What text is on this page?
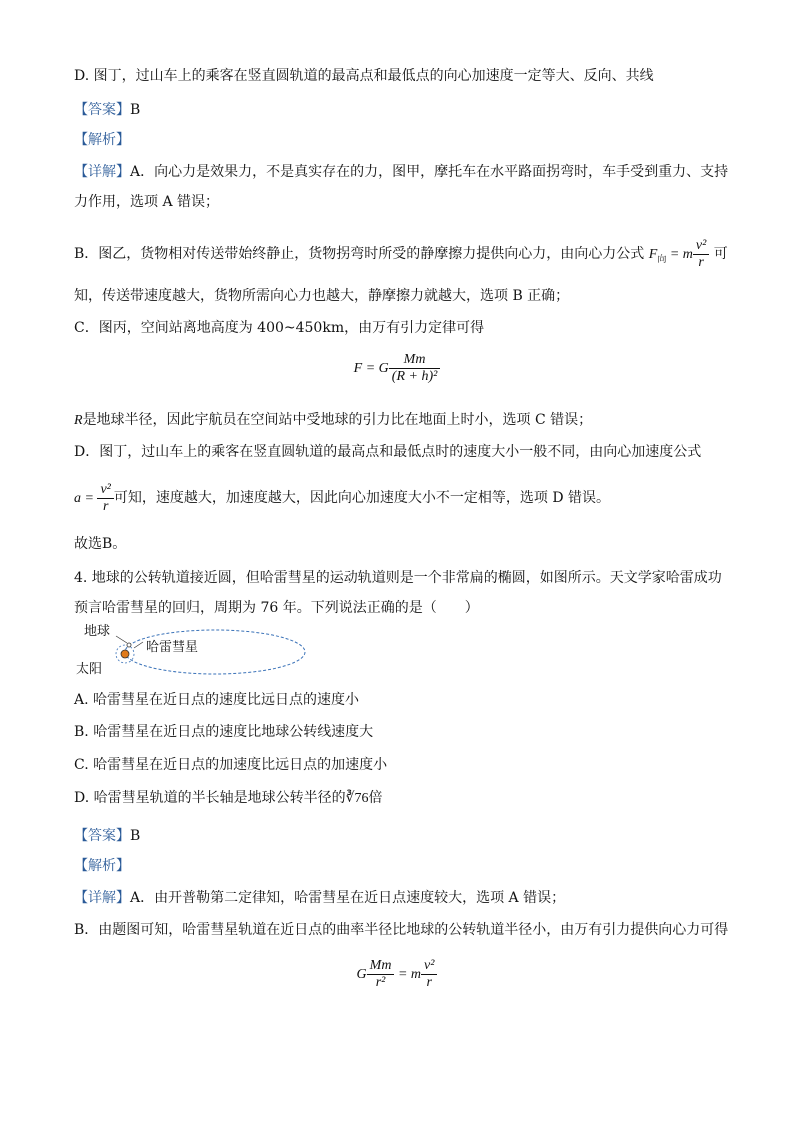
D. 图丁，过山车上的乘客在竖直圆轨道的最高点和最低点的向心加速度一定等大、反向、共线
【答案】B
【解析】
【详解】A．向心力是效果力，不是真实存在的力，图甲，摩托车在水平路面拐弯时，车手受到重力、支持
力作用，选项 A 错误；
B．图乙，货物相对传送带始终静止，货物拐弯时所受的静摩擦力提供向心力，由向心力公式 $F_向 = m \frac{\text{v²}}{r}$ 可
知，传送带速度越大，货物所需向心力也越大，静摩擦力就越大，选项 B 正确；
C．图丙，空间站离地高度为 400~450km，由万有引力定律可得
F = G $\frac{Mm}{\text{(R + h)²}}$
R是地球半径，因此宇航员在空间站中受地球的引力比在地面上时小，选项 C 错误；
D．图丁，过山车上的乘客在竖直圆轨道的最高点和最低点时的速度大小一般不同，由向心加速度公式
$a = \frac{\text{v²}}{r}$ 可知，速度越大，加速度越大，因此向心加速度大小不一定相等，选项 D 错误。
故选B。
4. 地球的公转轨道接近圆，但哈雷彗星的运动轨道则是一个非常扁的椭圆，如图所示。天文学家哈雷成功
预言哈雷彗星的回归，周期为 76 年。下列说法正确的是（　　）
地球
哈雷彗星
太阳
A. 哈雷彗星在近日点的速度比远日点的速度小
B. 哈雷彗星在近日点的速度比地球公转线速度大
C. 哈雷彗星在近日点的加速度比远日点的加速度小
D. 哈雷彗星轨道的半长轴是地球公转半径的∛76倍
【答案】B
【解析】
【详解】A．由开普勒第二定律知，哈雷彗星在近日点速度较大，选项 A 错误；
B．由题图可知，哈雷彗星轨道在近日点的曲率半径比地球的公转轨道半径小，由万有引力提供向心力可得
G $\frac{Mm}{\text{r²}} = m \frac{\text{v²}}{r}$
